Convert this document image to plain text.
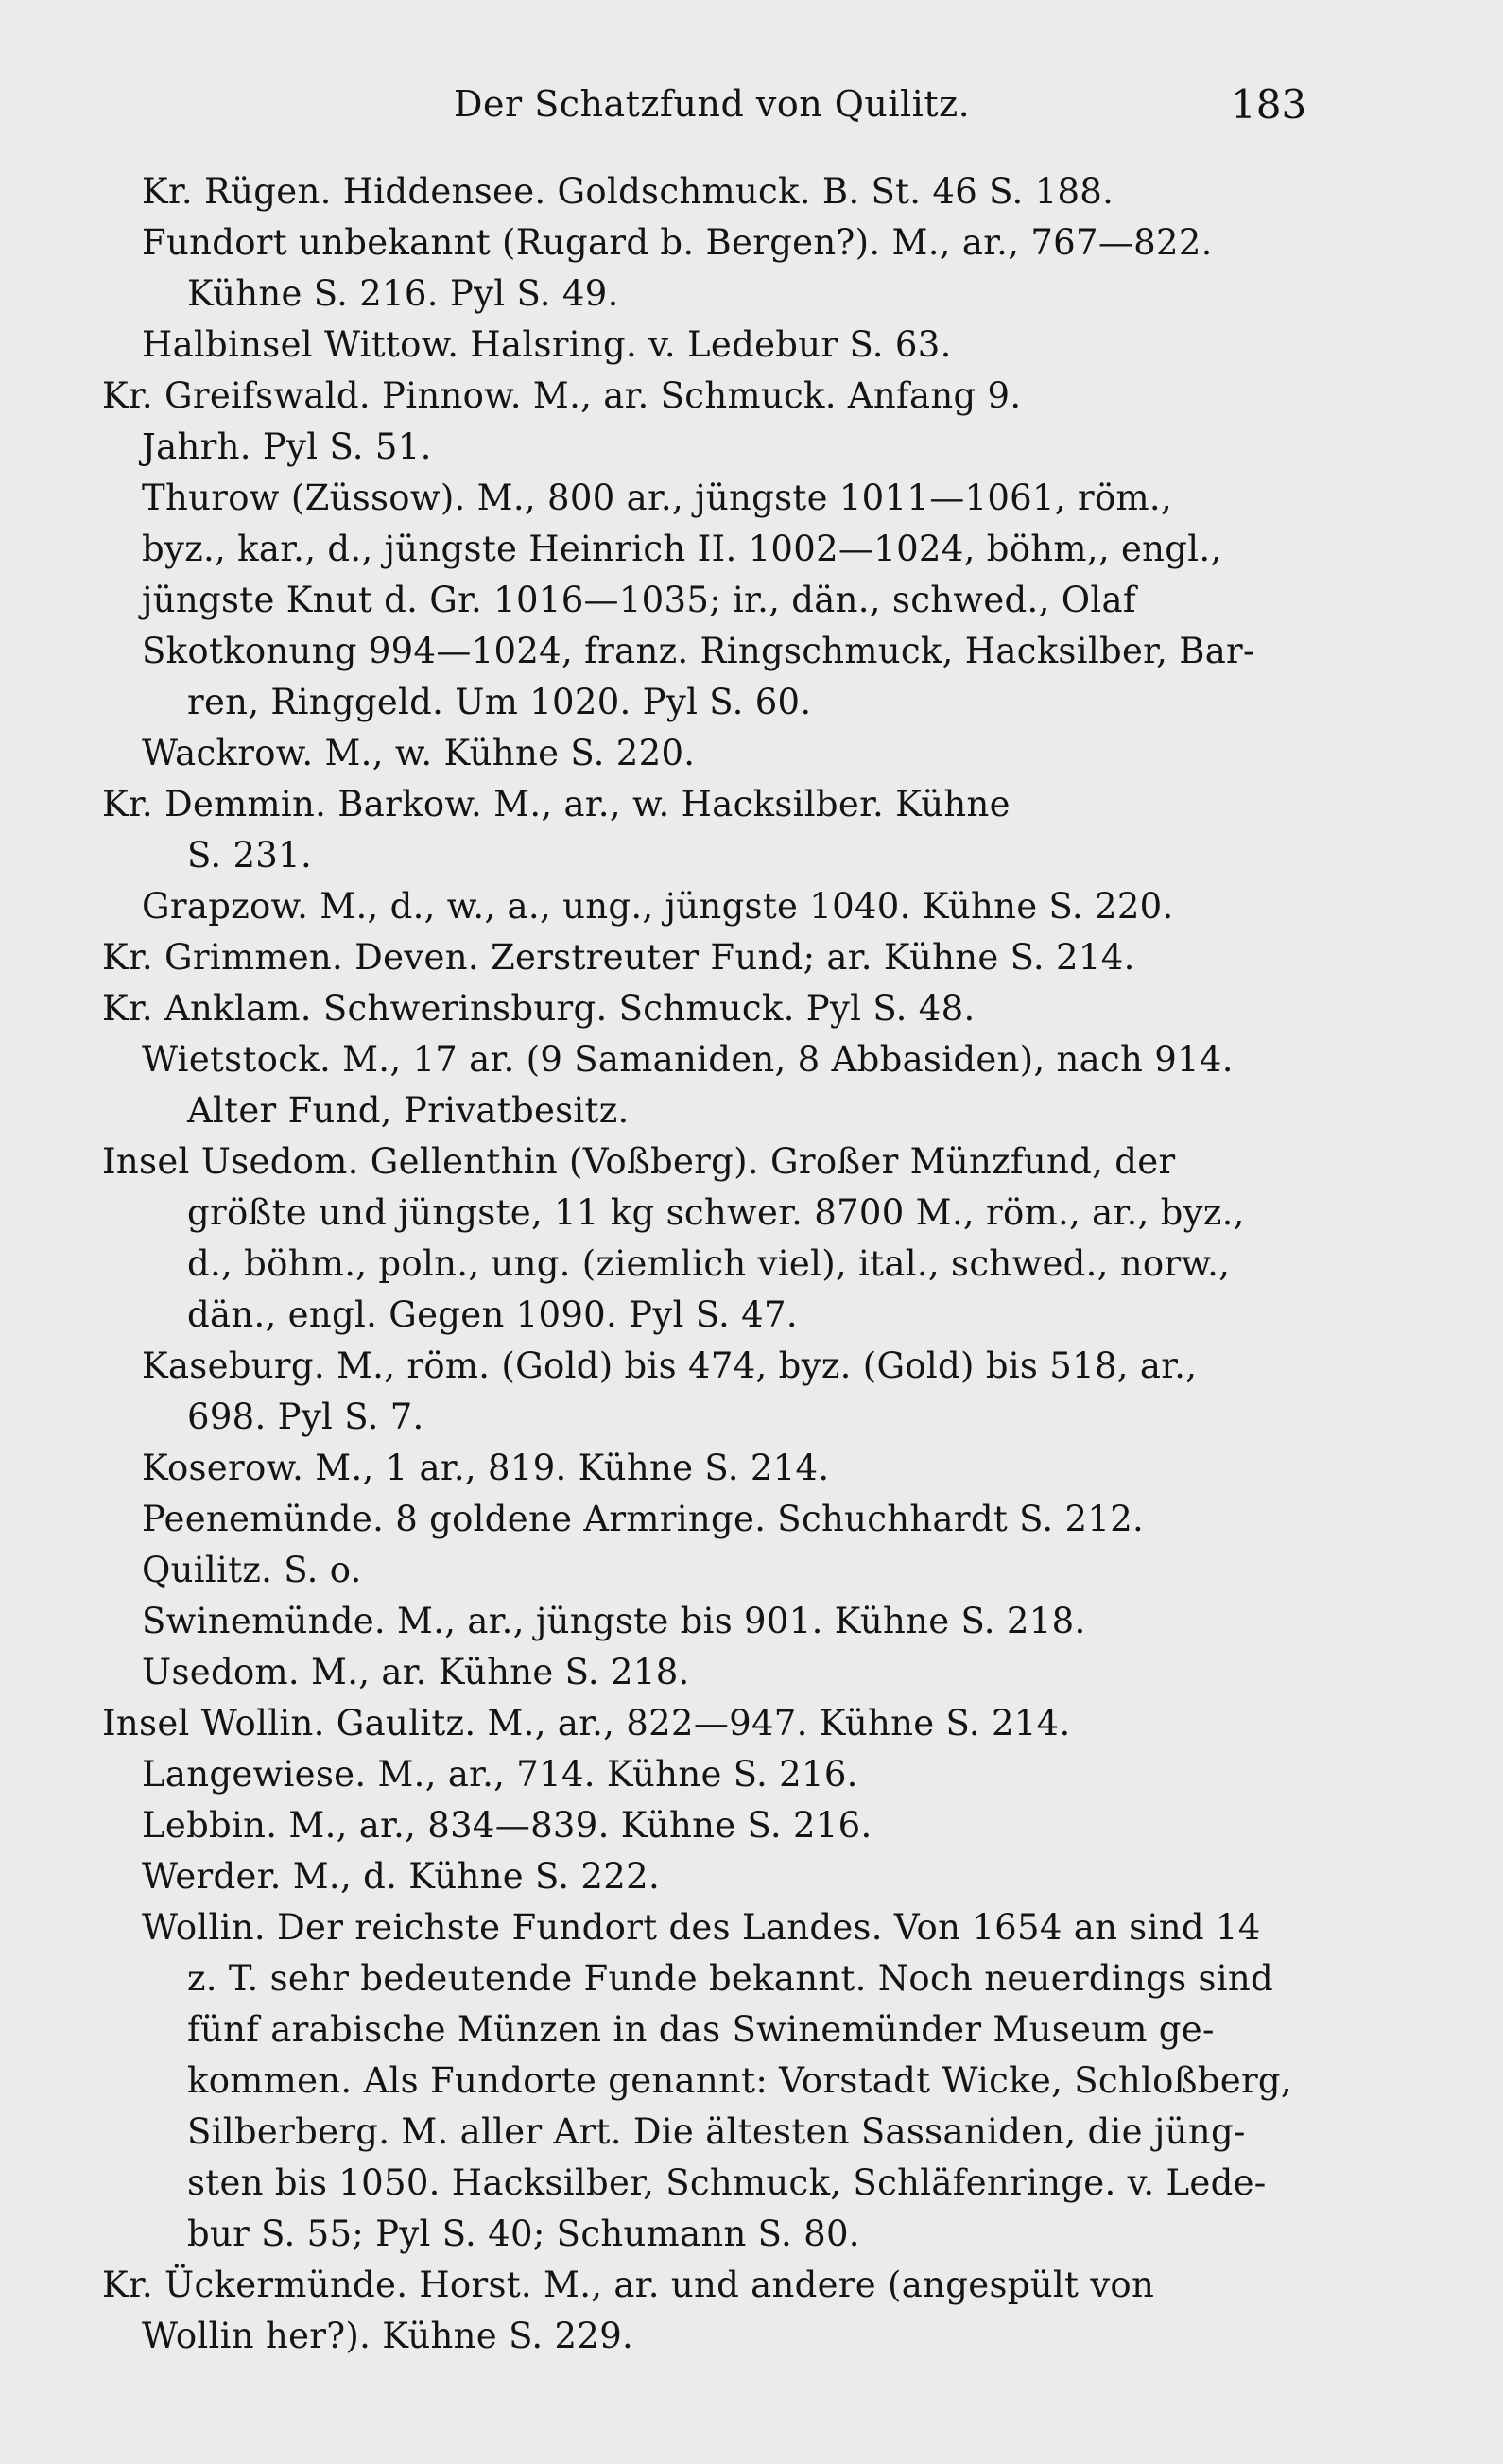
Der Schatzfund von Quilitz.	183
Kr. Rügen. Hiddensee. Goldschmuck. B. St. 46 S. 188.
Fundort unbekannt (Rugard b. Bergen?). M., ar., 767—822.
Kühne S. 216. Pyl S. 49.
Halbinsel Wittow. Halsring. v. Ledebur S. 63.
Kr. Greifswald. Pinnow. M., ar. Schmuck. Anfang 9.
Jahrh. Pyl S. 51.
Thurow (Züssow). M., 800 ar., jüngste 1011—1061, röm.,
byz., kar., d., jüngste Heinrich II. 1002—1024, böhm,, engl.,
jüngste Knut d. Gr. 1016—1035; ir., dän., schwed., Olaf
Skotkonung 994—1024, franz. Ringschmuck, Hacksilber, Bar-
ren, Ringgeld. Um 1020. Pyl S. 60.
Wackrow. M., w. Kühne S. 220.
Kr. Demmin. Barkow. M., ar., w. Hacksilber. Kühne
S. 231.
Grapzow. M., d., w., a., ung., jüngste 1040. Kühne S. 220.
Kr. Grimmen. Deven. Zerstreuter Fund; ar. Kühne S. 214.
Kr. Anklam. Schwerinsburg. Schmuck. Pyl S. 48.
Wietstock. M., 17 ar. (9 Samaniden, 8 Abbasiden), nach 914.
Alter Fund, Privatbesitz.
Insel Usedom. Gellenthin (Voßberg). Großer Münzfund, der
größte und jüngste, 11 kg schwer. 8700 M., röm., ar., byz.,
d., böhm., poln., ung. (ziemlich viel), ital., schwed., norw.,
dän., engl. Gegen 1090. Pyl S. 47.
Kaseburg. M., röm. (Gold) bis 474, byz. (Gold) bis 518, ar.,
698. Pyl S. 7.
Koserow. M., 1 ar., 819. Kühne S. 214.
Peenemünde. 8 goldene Armringe. Schuchhardt S. 212.
Quilitz. S. o.
Swinemünde. M., ar., jüngste bis 901. Kühne S. 218.
Usedom. M., ar. Kühne S. 218.
Insel Wollin. Gaulitz. M., ar., 822—947. Kühne S. 214.
Langewiese. M., ar., 714. Kühne S. 216.
Lebbin. M., ar., 834—839. Kühne S. 216.
Werder. M., d. Kühne S. 222.
Wollin. Der reichste Fundort des Landes. Von 1654 an sind 14
z. T. sehr bedeutende Funde bekannt. Noch neuerdings sind
fünf arabische Münzen in das Swinemünder Museum ge-
kommen. Als Fundorte genannt: Vorstadt Wicke, Schloßberg,
Silberberg. M. aller Art. Die ältesten Sassaniden, die jüng-
sten bis 1050. Hacksilber, Schmuck, Schläfenringe. v. Lede-
bur S. 55; Pyl S. 40; Schumann S. 80.
Kr. Ückermünde. Horst. M., ar. und andere (angespült von
Wollin her?). Kühne S. 229.
